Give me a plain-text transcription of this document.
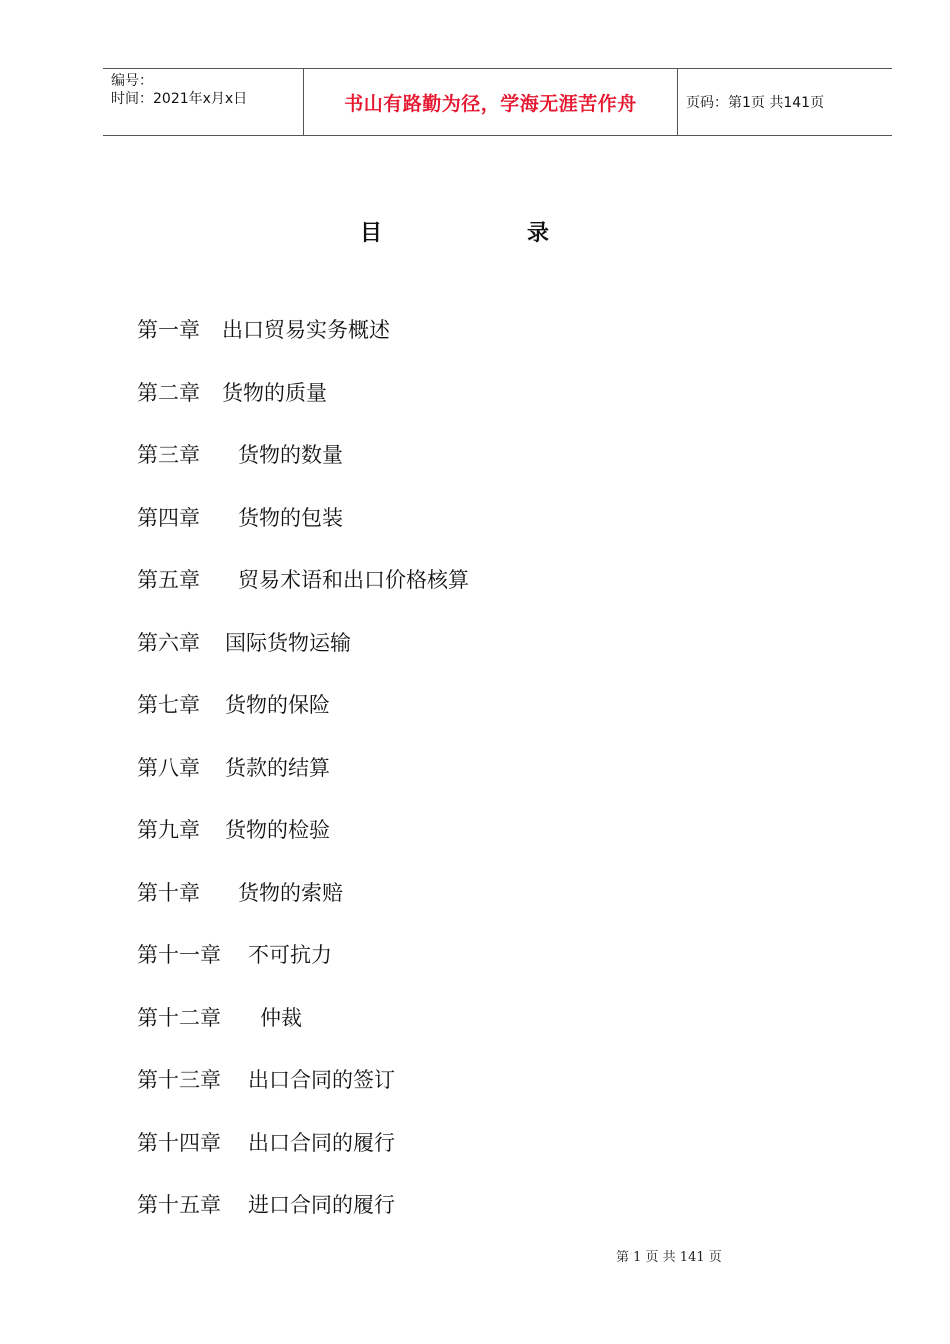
编号：
时间：2021年x月x日	书山有路勤为径，学海无涯苦作舟	页码：第1页 共141页
目	录
第一章 出口贸易实务概述
第二章 货物的质量
第三章 货物的数量
第四章 货物的包装
第五章 贸易术语和出口价格核算
第六章 国际货物运输
第七章 货物的保险
第八章 货款的结算
第九章 货物的检验
第十章 货物的索赔
第十一章 不可抗力
第十二章 仲裁
第十三章 出口合同的签订
第十四章 出口合同的履行
第十五章 进口合同的履行
第 1 页 共 141 页
